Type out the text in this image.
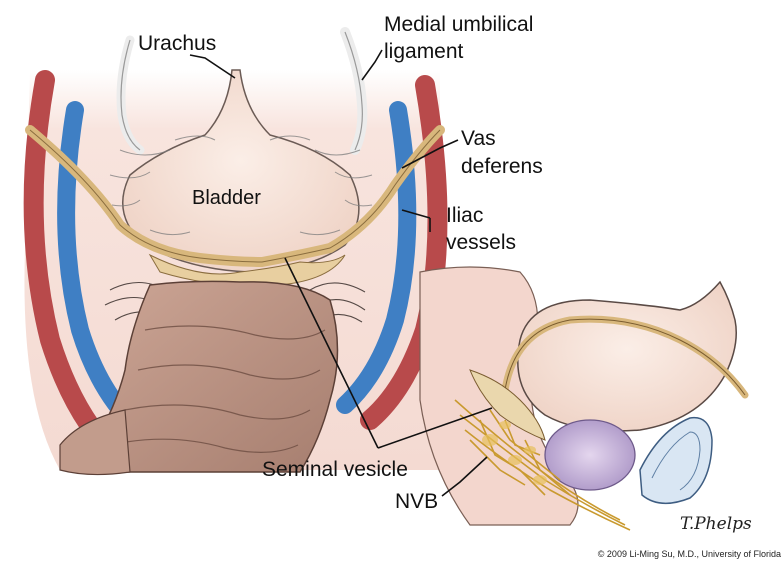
Urachus
Medial umbilical
ligament
Vas
deferens
Iliac
vessels
Bladder
Seminal vesicle
NVB
T.Phelps
© 2009 Li-Ming Su, M.D., University of Florida
